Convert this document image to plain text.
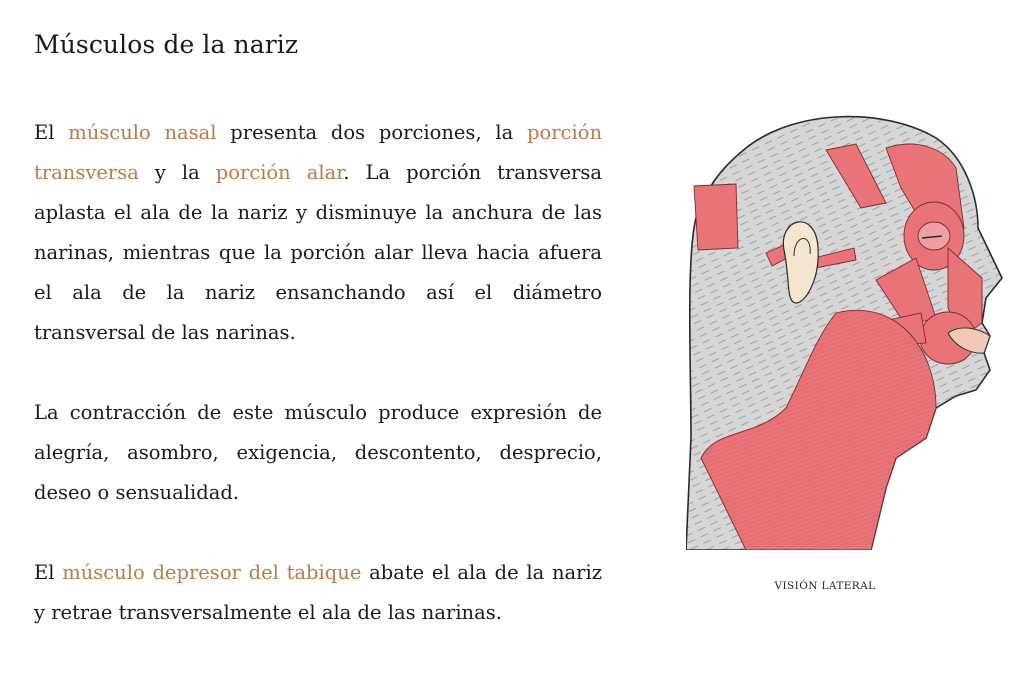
Músculos de la nariz

El músculo nasal presenta dos porciones, la porción transversa y la porción alar. La porción transversa aplasta el ala de la nariz y disminuye la anchura de las narinas, mientras que la porción alar lleva hacia afuera el ala de la nariz ensanchando así el diámetro transversal de las narinas.

La contracción de este músculo produce expresión de alegría, asombro, exigencia, descontento, desprecio, deseo o sensualidad.

El músculo depresor del tabique abate el ala de la nariz y retrae transversalmente el ala de las narinas.

VISIÓN LATERAL
